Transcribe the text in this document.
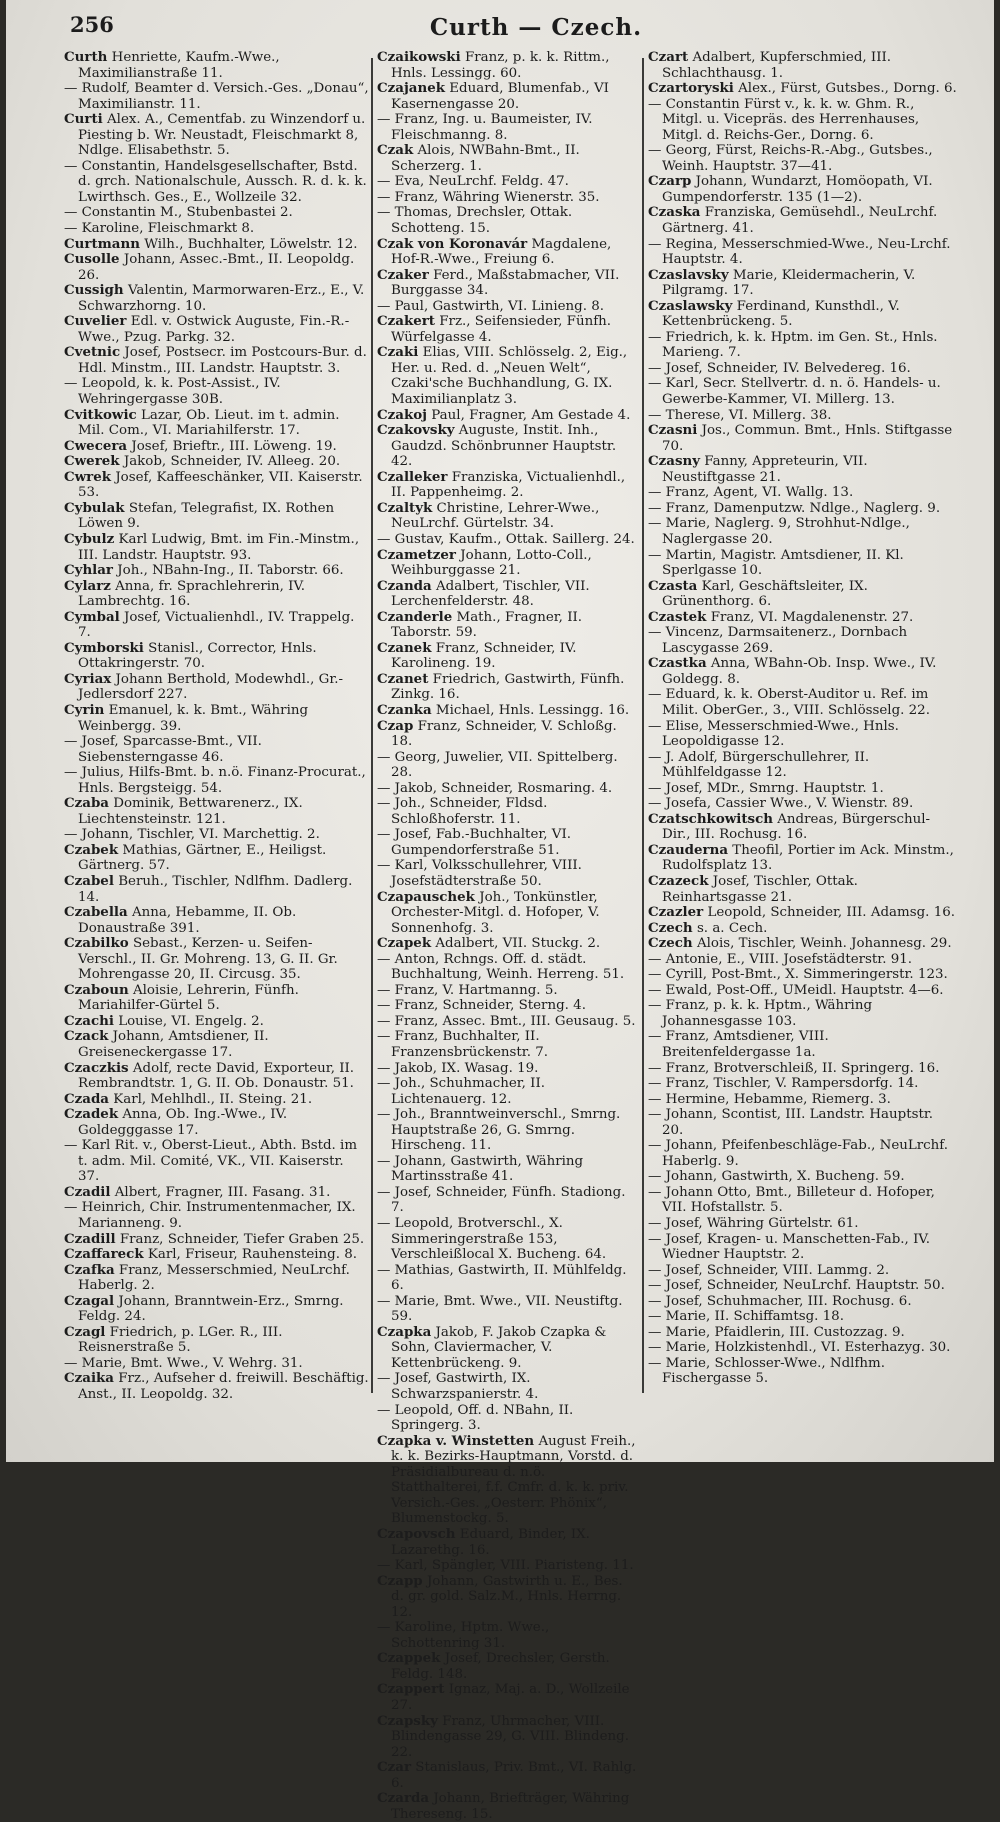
256	Curth — Czech.

Curth Henriette, Kaufm.-Wwe., Maximilianstraße 11.

— Rudolf, Beamter d. Versich.-Ges. „Donau“, Maximilianstr. 11.

Curti Alex. A., Cementfab. zu Winzendorf u. Piesting b. Wr. Neustadt, Fleischmarkt 8, Ndlge. Elisabethstr. 5.

— Constantin, Handelsgesellschafter, Bstd. d. grch. Nationalschule, Aussch. R. d. k. k. Lwirthsch. Ges., E., Wollzeile 32.

— Constantin M., Stubenbastei 2.

— Karoline, Fleischmarkt 8.

Curtmann Wilh., Buchhalter, Löwelstr. 12.

Cusolle Johann, Assec.-Bmt., II. Leopoldg. 26.

Cussigh Valentin, Marmorwaren-Erz., E., V. Schwarzhorng. 10.

Cuvelier Edl. v. Ostwick Auguste, Fin.-R.-Wwe., Pzug. Parkg. 32.

Cvetnic Josef, Postsecr. im Postcours-Bur. d. Hdl. Minstm., III. Landstr. Hauptstr. 3.

— Leopold, k. k. Post-Assist., IV. Wehringergasse 30B.

Cvitkowic Lazar, Ob. Lieut. im t. admin. Mil. Com., VI. Mariahilferstr. 17.

Cwecera Josef, Brieftr., III. Löweng. 19.

Cwerek Jakob, Schneider, IV. Alleeg. 20.

Cwrek Josef, Kaffeeschänker, VII. Kaiserstr. 53.

Cybulak Stefan, Telegrafist, IX. Rothen Löwen 9.

Cybulz Karl Ludwig, Bmt. im Fin.-Minstm., III. Landstr. Hauptstr. 93.

Cyhlar Joh., NBahn-Ing., II. Taborstr. 66.

Cylarz Anna, fr. Sprachlehrerin, IV. Lambrechtg. 16.

Cymbal Josef, Victualienhdl., IV. Trappelg. 7.

Cymborski Stanisl., Corrector, Hnls. Ottakringerstr. 70.

Cyriax Johann Berthold, Modewhdl., Gr.-Jedlersdorf 227.

Cyrin Emanuel, k. k. Bmt., Währing Weinbergg. 39.

— Josef, Sparcasse-Bmt., VII. Siebensterngasse 46.

— Julius, Hilfs-Bmt. b. n.ö. Finanz-Procurat., Hnls. Bergsteigg. 54.

Czaba Dominik, Bettwarenerz., IX. Liechtensteinstr. 121.

— Johann, Tischler, VI. Marchettig. 2.

Czabek Mathias, Gärtner, E., Heiligst. Gärtnerg. 57.

Czabel Beruh., Tischler, Ndlfhm. Dadlerg. 14.

Czabella Anna, Hebamme, II. Ob. Donaustraße 391.

Czabilko Sebast., Kerzen- u. Seifen-Verschl., II. Gr. Mohreng. 13, G. II. Gr. Mohrengasse 20, II. Circusg. 35.

Czaboun Aloisie, Lehrerin, Fünfh. Mariahilfer-Gürtel 5.

Czachi Louise, VI. Engelg. 2.

Czack Johann, Amtsdiener, II. Greiseneckergasse 17.

Czaczkis Adolf, recte David, Exporteur, II. Rembrandtstr. 1, G. II. Ob. Donaustr. 51.

Czada Karl, Mehlhdl., II. Steing. 21.

Czadek Anna, Ob. Ing.-Wwe., IV. Goldegggasse 17.

— Karl Rit. v., Oberst-Lieut., Abth. Bstd. im t. adm. Mil. Comité, VK., VII. Kaiserstr. 37.

Czadil Albert, Fragner, III. Fasang. 31.

— Heinrich, Chir. Instrumentenmacher, IX. Marianneng. 9.

Czadill Franz, Schneider, Tiefer Graben 25.

Czaffareck Karl, Friseur, Rauhensteing. 8.

Czafka Franz, Messerschmied, NeuLrchf. Haberlg. 2.

Czagal Johann, Branntwein-Erz., Smrng. Feldg. 24.

Czagl Friedrich, p. LGer. R., III. Reisnerstraße 5.

— Marie, Bmt. Wwe., V. Wehrg. 31.

Czaika Frz., Aufseher d. freiwill. Beschäftig. Anst., II. Leopoldg. 32.

Czaikowski Franz, p. k. k. Rittm., Hnls. Lessingg. 60.

Czajanek Eduard, Blumenfab., VI Kasernengasse 20.

— Franz, Ing. u. Baumeister, IV. Fleischmanng. 8.

Czak Alois, NWBahn-Bmt., II. Scherzerg. 1.

— Eva, NeuLrchf. Feldg. 47.

— Franz, Währing Wienerstr. 35.

— Thomas, Drechsler, Ottak. Schotteng. 15.

Czak von Koronavár Magdalene, Hof-R.-Wwe., Freiung 6.

Czaker Ferd., Maßstabmacher, VII. Burggasse 34.

— Paul, Gastwirth, VI. Linieng. 8.

Czakert Frz., Seifensieder, Fünfh. Würfelgasse 4.

Czaki Elias, VIII. Schlösselg. 2, Eig., Her. u. Red. d. „Neuen Welt“, Czaki'sche Buchhandlung, G. IX. Maximilianplatz 3.

Czakoj Paul, Fragner, Am Gestade 4.

Czakovsky Auguste, Instit. Inh., Gaudzd. Schönbrunner Hauptstr. 42.

Czalleker Franziska, Victualienhdl., II. Pappenheimg. 2.

Czaltyk Christine, Lehrer-Wwe., NeuLrchf. Gürtelstr. 34.

— Gustav, Kaufm., Ottak. Saillerg. 24.

Czametzer Johann, Lotto-Coll., Weihburggasse 21.

Czanda Adalbert, Tischler, VII. Lerchenfelderstr. 48.

Czanderle Math., Fragner, II. Taborstr. 59.

Czanek Franz, Schneider, IV. Karolineng. 19.

Czanet Friedrich, Gastwirth, Fünfh. Zinkg. 16.

Czanka Michael, Hnls. Lessingg. 16.

Czap Franz, Schneider, V. Schloßg. 18.

— Georg, Juwelier, VII. Spittelberg. 28.

— Jakob, Schneider, Rosmaring. 4.

— Joh., Schneider, Fldsd. Schloßhoferstr. 11.

— Josef, Fab.-Buchhalter, VI. Gumpendorferstraße 51.

— Karl, Volksschullehrer, VIII. Josefstädterstraße 50.

Czapauschek Joh., Tonkünstler, Orchester-Mitgl. d. Hofoper, V. Sonnenhofg. 3.

Czapek Adalbert, VII. Stuckg. 2.

— Anton, Rchngs. Off. d. städt. Buchhaltung, Weinh. Herreng. 51.

— Franz, V. Hartmanng. 5.

— Franz, Schneider, Sterng. 4.

— Franz, Assec. Bmt., III. Geusaug. 5.

— Franz, Buchhalter, II. Franzensbrückenstr. 7.

— Jakob, IX. Wasag. 19.

— Joh., Schuhmacher, II. Lichtenauerg. 12.

— Joh., Branntweinverschl., Smrng. Hauptstraße 26, G. Smrng. Hirscheng. 11.

— Johann, Gastwirth, Währing Martinsstraße 41.

— Josef, Schneider, Fünfh. Stadiong. 7.

— Leopold, Brotverschl., X. Simmeringerstraße 153, Verschleißlocal X. Bucheng. 64.

— Mathias, Gastwirth, II. Mühlfeldg. 6.

— Marie, Bmt. Wwe., VII. Neustiftg. 59.

Czapka Jakob, F. Jakob Czapka & Sohn, Claviermacher, V. Kettenbrückeng. 9.

— Josef, Gastwirth, IX. Schwarzspanierstr. 4.

— Leopold, Off. d. NBahn, II. Springerg. 3.

Czapka v. Winstetten August Freih., k. k. Bezirks-Hauptmann, Vorstd. d. Präsidialbureau d. n.ö. Statthalterei, f.f. Cmfr. d. k. k. priv. Versich.-Ges. „Oesterr. Phönix“, Blumenstockg. 5.

Czapovsch Eduard, Binder, IX. Lazarethg. 16.

— Karl, Spängler, VIII. Piaristeng. 11.

Czapp Johann, Gastwirth u. E., Bes. d. gr. gold. Salz.M., Hnls. Herrng. 12.

— Karoline, Hptm. Wwe., Schottenring 31.

Czappek Josef, Drechsler, Gersth. Feldg. 148.

Czappert Ignaz, Maj. a. D., Wollzeile 27.

Czapsky Franz, Uhrmacher, VIII. Blindengasse 29, G. VIII. Blindeng. 22.

Czar Stanislaus, Priv. Bmt., VI. Rahlg. 6.

Czarda Johann, Briefträger, Währing Thereseng. 15.

Czart Adalbert, Kupferschmied, III. Schlachthausg. 1.

Czartoryski Alex., Fürst, Gutsbes., Dorng. 6.

— Constantin Fürst v., k. k. w. Ghm. R., Mitgl. u. Vicepräs. des Herrenhauses, Mitgl. d. Reichs-Ger., Dorng. 6.

— Georg, Fürst, Reichs-R.-Abg., Gutsbes., Weinh. Hauptstr. 37—41.

Czarp Johann, Wundarzt, Homöopath, VI. Gumpendorferstr. 135 (1—2).

Czaska Franziska, Gemüsehdl., NeuLrchf. Gärtnerg. 41.

— Regina, Messerschmied-Wwe., Neu-Lrchf. Hauptstr. 4.

Czaslavsky Marie, Kleidermacherin, V. Pilgramg. 17.

Czaslawsky Ferdinand, Kunsthdl., V. Kettenbrückeng. 5.

— Friedrich, k. k. Hptm. im Gen. St., Hnls. Marieng. 7.

— Josef, Schneider, IV. Belvedereg. 16.

— Karl, Secr. Stellvertr. d. n. ö. Handels- u. Gewerbe-Kammer, VI. Millerg. 13.

— Therese, VI. Millerg. 38.

Czasni Jos., Commun. Bmt., Hnls. Stiftgasse 70.

Czasny Fanny, Appreteurin, VII. Neustiftgasse 21.

— Franz, Agent, VI. Wallg. 13.

— Franz, Damenputzw. Ndlge., Naglerg. 9.

— Marie, Naglerg. 9, Strohhut-Ndlge., Naglergasse 20.

— Martin, Magistr. Amtsdiener, II. Kl. Sperlgasse 10.

Czasta Karl, Geschäftsleiter, IX. Grünenthorg. 6.

Czastek Franz, VI. Magdalenenstr. 27.

— Vincenz, Darmsaitenerz., Dornbach Lascygasse 269.

Czastka Anna, WBahn-Ob. Insp. Wwe., IV. Goldegg. 8.

— Eduard, k. k. Oberst-Auditor u. Ref. im Milit. OberGer., 3., VIII. Schlösselg. 22.

— Elise, Messerschmied-Wwe., Hnls. Leopoldigasse 12.

— J. Adolf, Bürgerschullehrer, II. Mühlfeldgasse 12.

— Josef, MDr., Smrng. Hauptstr. 1.

— Josefa, Cassier Wwe., V. Wienstr. 89.

Czatschkowitsch Andreas, Bürgerschul-Dir., III. Rochusg. 16.

Czauderna Theofil, Portier im Ack. Minstm., Rudolfsplatz 13.

Czazeck Josef, Tischler, Ottak. Reinhartsgasse 21.

Czazler Leopold, Schneider, III. Adamsg. 16.

Czech s. a. Cech.

Czech Alois, Tischler, Weinh. Johannesg. 29.

— Antonie, E., VIII. Josefstädterstr. 91.

— Cyrill, Post-Bmt., X. Simmeringerstr. 123.

— Ewald, Post-Off., UMeidl. Hauptstr. 4—6.

— Franz, p. k. k. Hptm., Währing Johannesgasse 103.

— Franz, Amtsdiener, VIII. Breitenfeldergasse 1a.

— Franz, Brotverschleiß, II. Springerg. 16.

— Franz, Tischler, V. Rampersdorfg. 14.

— Hermine, Hebamme, Riemerg. 3.

— Johann, Scontist, III. Landstr. Hauptstr. 20.

— Johann, Pfeifenbeschläge-Fab., NeuLrchf. Haberlg. 9.

— Johann, Gastwirth, X. Bucheng. 59.

— Johann Otto, Bmt., Billeteur d. Hofoper, VII. Hofstallstr. 5.

— Josef, Währing Gürtelstr. 61.

— Josef, Kragen- u. Manschetten-Fab., IV. Wiedner Hauptstr. 2.

— Josef, Schneider, VIII. Lammg. 2.

— Josef, Schneider, NeuLrchf. Hauptstr. 50.

— Josef, Schuhmacher, III. Rochusg. 6.

— Marie, II. Schiffamtsg. 18.

— Marie, Pfaidlerin, III. Custozzag. 9.

— Marie, Holzkistenhdl., VI. Esterhazyg. 30.

— Marie, Schlosser-Wwe., Ndlfhm. Fischergasse 5.
